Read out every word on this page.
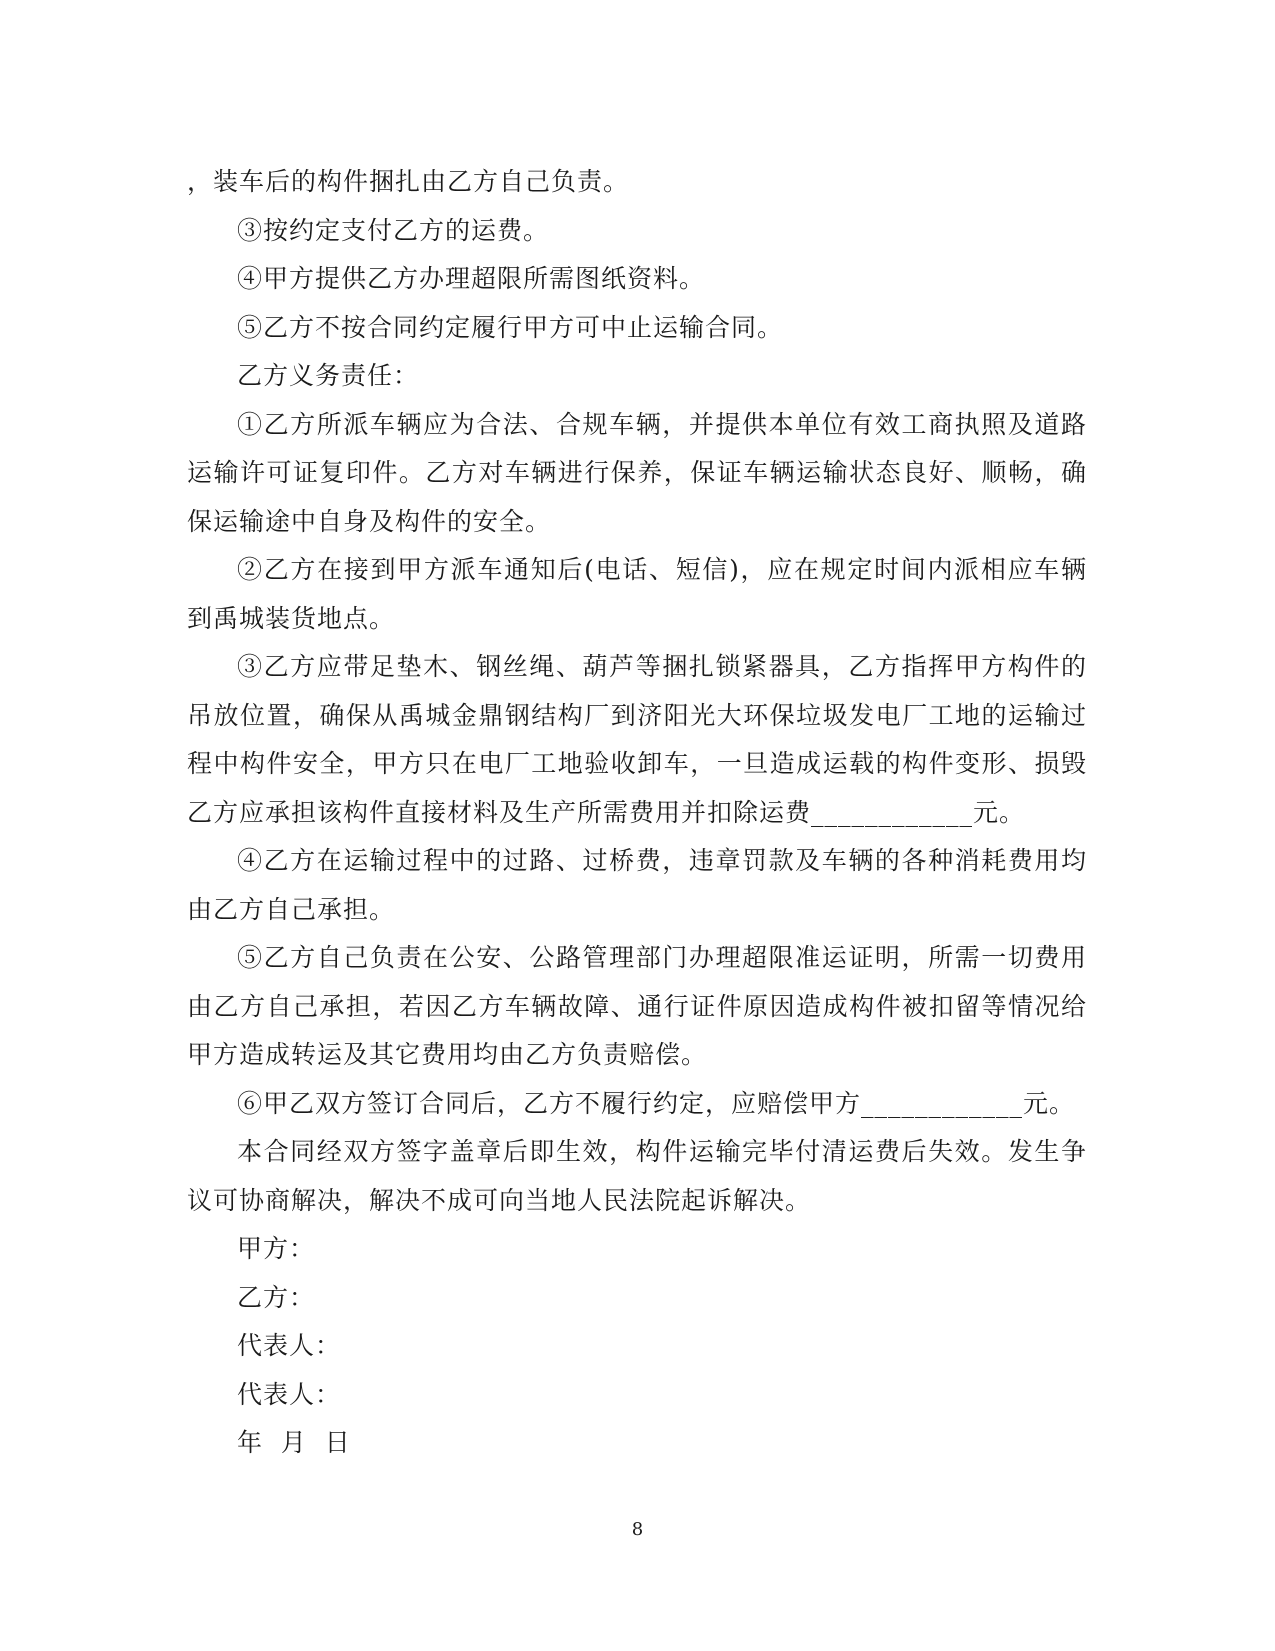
，装车后的构件捆扎由乙方自己负责。

③按约定支付乙方的运费。

④甲方提供乙方办理超限所需图纸资料。

⑤乙方不按合同约定履行甲方可中止运输合同。

乙方义务责任：

①乙方所派车辆应为合法、合规车辆，并提供本单位有效工商执照及道路运输许可证复印件。乙方对车辆进行保养，保证车辆运输状态良好、顺畅，确保运输途中自身及构件的安全。

②乙方在接到甲方派车通知后(电话、短信)，应在规定时间内派相应车辆到禹城装货地点。

③乙方应带足垫木、钢丝绳、葫芦等捆扎锁紧器具，乙方指挥甲方构件的吊放位置，确保从禹城金鼎钢结构厂到济阳光大环保垃圾发电厂工地的运输过程中构件安全，甲方只在电厂工地验收卸车，一旦造成运载的构件变形、损毁乙方应承担该构件直接材料及生产所需费用并扣除运费____________元。

④乙方在运输过程中的过路、过桥费，违章罚款及车辆的各种消耗费用均由乙方自己承担。

⑤乙方自己负责在公安、公路管理部门办理超限准运证明，所需一切费用由乙方自己承担，若因乙方车辆故障、通行证件原因造成构件被扣留等情况给甲方造成转运及其它费用均由乙方负责赔偿。

⑥甲乙双方签订合同后，乙方不履行约定，应赔偿甲方____________元。

本合同经双方签字盖章后即生效，构件运输完毕付清运费后失效。发生争议可协商解决，解决不成可向当地人民法院起诉解决。

甲方：

乙方：

代表人：

代表人：

年  月  日

8
